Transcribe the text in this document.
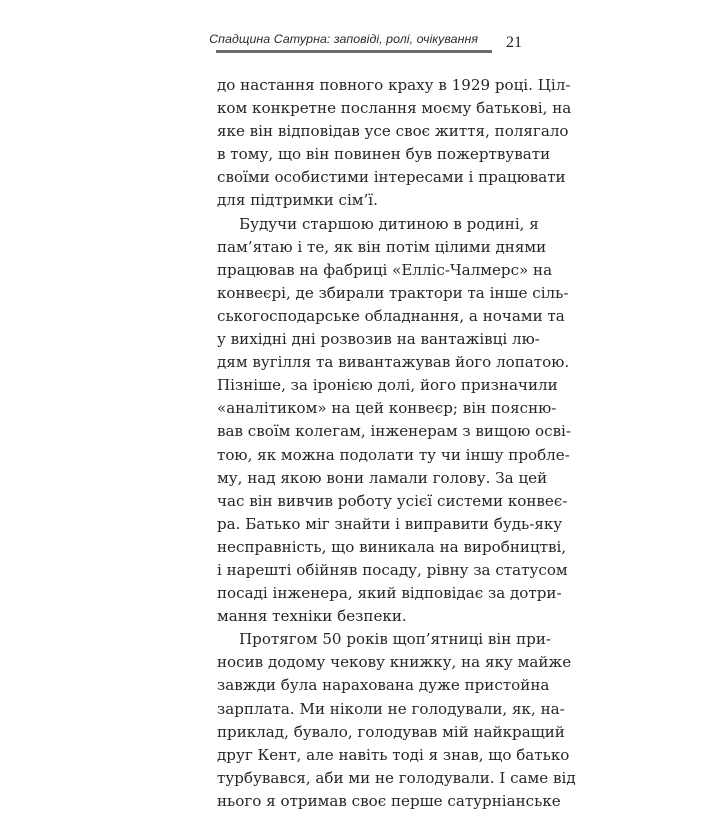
Спадщина Сатурна: заповіді, ролі, очікування 21
до настання повного краху в 1929 році. Ціл-
ком конкретне послання моєму батькові, на
яке він відповідав усе своє життя, полягало
в тому, що він повинен був пожертвувати
своїми особистими інтересами і працювати
для підтримки сім’ї.
Будучи старшою дитиною в родині, я
пам’ятаю і те, як він потім цілими днями
працював на фабриці «Елліс-Чалмерс» на
конвеєрі, де збирали трактори та інше сіль-
ськогосподарське обладнання, а ночами та
у вихідні дні розвозив на вантажівці лю-
дям вугілля та вивантажував його лопатою.
Пізніше, за іронією долі, його призначили
«аналітиком» на цей конвеєр; він поясню-
вав своїм колегам, інженерам з вищою осві-
тою, як можна подолати ту чи іншу пробле-
му, над якою вони ламали голову. За цей
час він вивчив роботу усієї системи конвеє-
ра. Батько міг знайти і виправити будь-яку
несправність, що виникала на виробництві,
і нарешті обійняв посаду, рівну за статусом
посаді інженера, який відповідає за дотри-
мання техніки безпеки.
Протягом 50 років щоп’ятниці він при-
носив додому чекову книжку, на яку майже
завжди була нарахована дуже пристойна
зарплата. Ми ніколи не голодували, як, на-
приклад, бувало, голодував мій найкращий
друг Кент, але навіть тоді я знав, що батько
турбувався, аби ми не голодували. І саме від
нього я отримав своє перше сатурніанське
